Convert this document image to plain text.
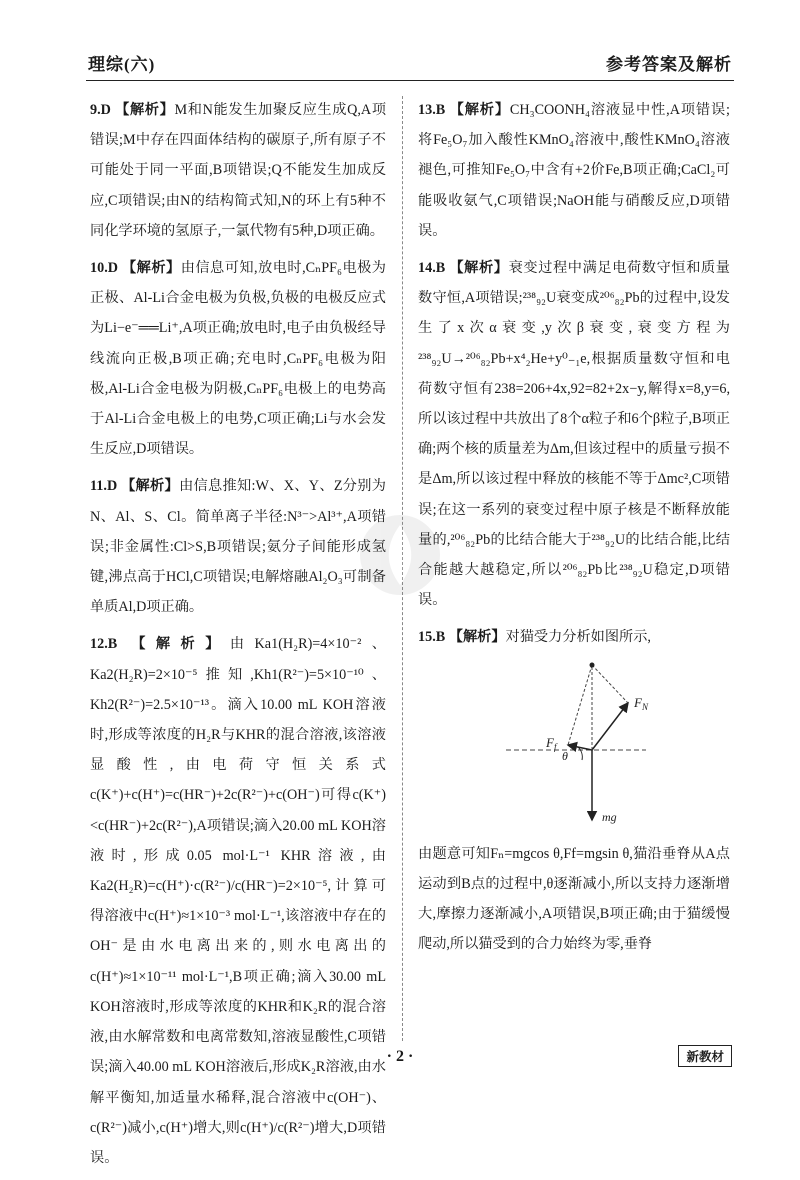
理综(六)	参考答案及解析

9.D 【解析】M和N能发生加聚反应生成Q,A项错误;M中存在四面体结构的碳原子,所有原子不可能处于同一平面,B项错误;Q不能发生加成反应,C项错误;由N的结构简式知,N的环上有5种不同化学环境的氢原子,一氯代物有5种,D项正确。

10.D 【解析】由信息可知,放电时,CₙPF₆电极为正极、Al-Li合金电极为负极,负极的电极反应式为Li−e⁻══Li⁺,A项正确;放电时,电子由负极经导线流向正极,B项正确;充电时,CₙPF₆电极为阳极,Al-Li合金电极为阴极,CₙPF₆电极上的电势高于Al-Li合金电极上的电势,C项正确;Li与水会发生反应,D项错误。

11.D 【解析】由信息推知:W、X、Y、Z分别为N、Al、S、Cl。简单离子半径:N³⁻>Al³⁺,A项错误;非金属性:Cl>S,B项错误;氨分子间能形成氢键,沸点高于HCl,C项错误;电解熔融Al₂O₃可制备单质Al,D项正确。

12.B 【解析】由Ka1(H₂R)=4×10⁻²、Ka2(H₂R)=2×10⁻⁵推知,Kh1(R²⁻)=5×10⁻¹⁰、Kh2(R²⁻)=2.5×10⁻¹³。滴入10.00 mL KOH溶液时,形成等浓度的H₂R与KHR的混合溶液,该溶液显酸性,由电荷守恒关系式c(K⁺)+c(H⁺)=c(HR⁻)+2c(R²⁻)+c(OH⁻)可得c(K⁺)<c(HR⁻)+2c(R²⁻),A项错误;滴入20.00 mL KOH溶液时,形成0.05 mol·L⁻¹ KHR溶液,由Ka2(H₂R)=c(H⁺)·c(R²⁻)/c(HR⁻)=2×10⁻⁵,计算可得溶液中c(H⁺)≈1×10⁻³ mol·L⁻¹,该溶液中存在的OH⁻是由水电离出来的,则水电离出的c(H⁺)≈1×10⁻¹¹ mol·L⁻¹,B项正确;滴入30.00 mL KOH溶液时,形成等浓度的KHR和K₂R的混合溶液,由水解常数和电离常数知,溶液显酸性,C项错误;滴入40.00 mL KOH溶液后,形成K₂R溶液,由水解平衡知,加适量水稀释,混合溶液中c(OH⁻)、c(R²⁻)减小,c(H⁺)增大,则c(H⁺)/c(R²⁻)增大,D项错误。

13.B 【解析】CH₃COONH₄溶液显中性,A项错误;将Fe₅O₇加入酸性KMnO₄溶液中,酸性KMnO₄溶液褪色,可推知Fe₅O₇中含有+2价Fe,B项正确;CaCl₂可能吸收氨气,C项错误;NaOH能与硝酸反应,D项错误。

14.B 【解析】衰变过程中满足电荷数守恒和质量数守恒,A项错误;²³⁸₉₂U衰变成²⁰⁶₈₂Pb的过程中,设发生了x次α衰变,y次β衰变,衰变方程为²³⁸₉₂U→²⁰⁶₈₂Pb+x⁴₂He+y⁰₋₁e,根据质量数守恒和电荷数守恒有238=206+4x,92=82+2x−y,解得x=8,y=6,所以该过程中共放出了8个α粒子和6个β粒子,B项正确;两个核的质量差为Δm,但该过程中的质量亏损不是Δm,所以该过程中释放的核能不等于Δmc²,C项错误;在这一系列的衰变过程中原子核是不断释放能量的,²⁰⁶₈₂Pb的比结合能大于²³⁸₉₂U的比结合能,比结合能越大越稳定,所以²⁰⁶₈₂Pb比²³⁸₉₂U稳定,D项错误。

15.B 【解析】对猫受力分析如图所示,

$F_N$
$F_f$
θ
mg

由题意可知Fₙ=mgcos θ,Ff=mgsin θ,猫沿垂脊从A点运动到B点的过程中,θ逐渐减小,所以支持力逐渐增大,摩擦力逐渐减小,A项错误,B项正确;由于猫缓慢爬动,所以猫受到的合力始终为零,垂脊

· 2 ·	新教材
